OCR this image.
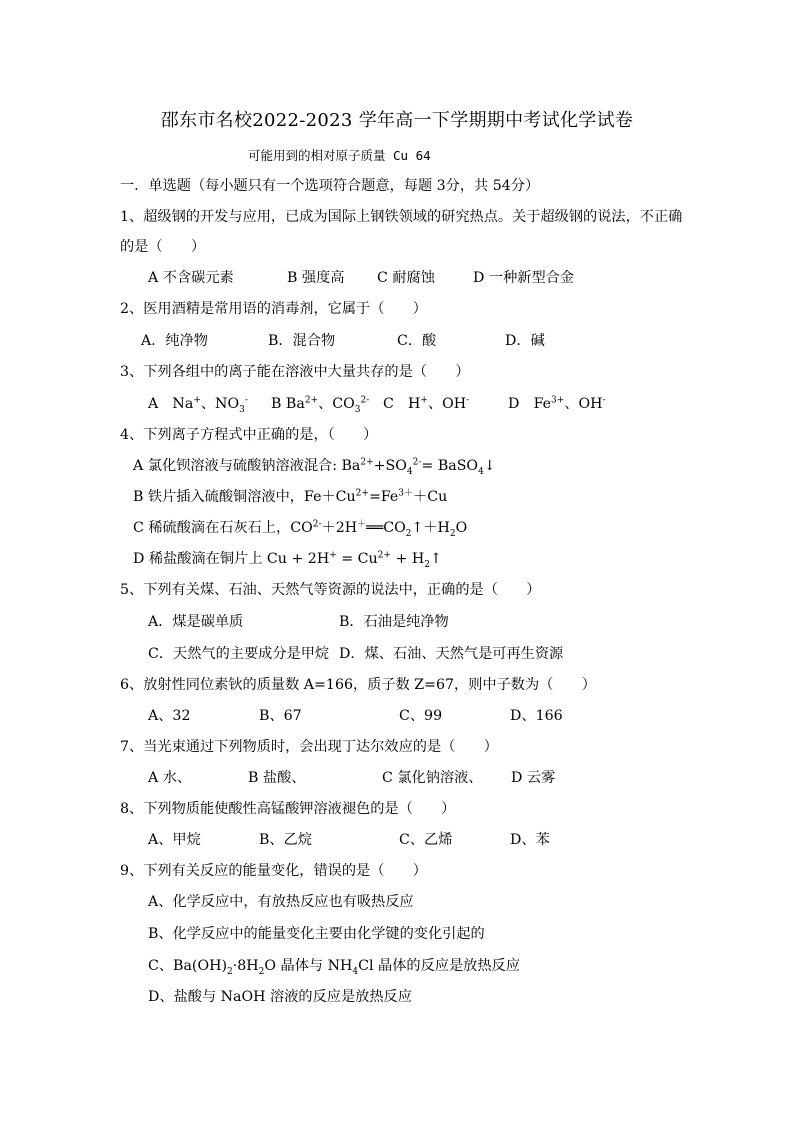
邵东市名校2022-2023 学年高一下学期期中考试化学试卷
可能用到的相对原子质量 Cu 64
一．单选题（每小题只有一个选项符合题意，每题 3分，共 54分）
1、超级钢的开发与应用，已成为国际上钢铁领域的研究热点。关于超级钢的说法，不正确
的是（　　）
A 不含碳元素	B 强度高 C 耐腐蚀	D 一种新型合金
2、医用酒精是常用语的消毒剂，它属于（　　）
A．纯净物	B．混合物	C．酸	D．碱
3、下列各组中的离子能在溶液中大量共存的是（　　）
A　Na+、$NO_3^-$ B $Ba^{2+}$、$CO_3^{2-}$ C　H+、OH-	D　$Fe^{3+}$、OH-
4、下列离子方程式中正确的是，（　　）
A 氯化钡溶液与硫酸钠溶液混合: $Ba^{2+}+SO_4^{2-}=$ BaSO$_4$↓
B 铁片插入硫酸铜溶液中，$Fe+Cu^{2+}=Fe^{3+}+Cu$
C 稀硫酸滴在石灰石上，$CO^{2-}+2H^+══CO_2↑+H_2O$
D 稀盐酸滴在铜片上 $Cu + 2H^+ = Cu^{2+}$ + $H_2↑$
5、下列有关煤、石油、天然气等资源的说法中，正确的是（　　）
A．煤是碳单质	B．石油是纯净物
C．天然气的主要成分是甲烷 D．煤、石油、天然气是可再生资源
6、放射性同位素钬的质量数 A=166，质子数 Z=67，则中子数为（　　）
A、32	B、67	C、99	D、166
7、当光束通过下列物质时，会出现丁达尔效应的是（　　）
A 水、	B 盐酸、	C 氯化钠溶液、 D 云雾
8、下列物质能使酸性高锰酸钾溶液褪色的是（　　）
A、甲烷	B、乙烷	C、乙烯	D、苯
9、下列有关反应的能量变化，错误的是（　　）
A、化学反应中，有放热反应也有吸热反应
B、化学反应中的能量变化主要由化学键的变化引起的
C、$Ba(OH)_2\cdot 8H_2O$ 晶体与 $NH_4Cl$ 晶体的反应是放热反应
D、盐酸与 NaOH 溶液的反应是放热反应
